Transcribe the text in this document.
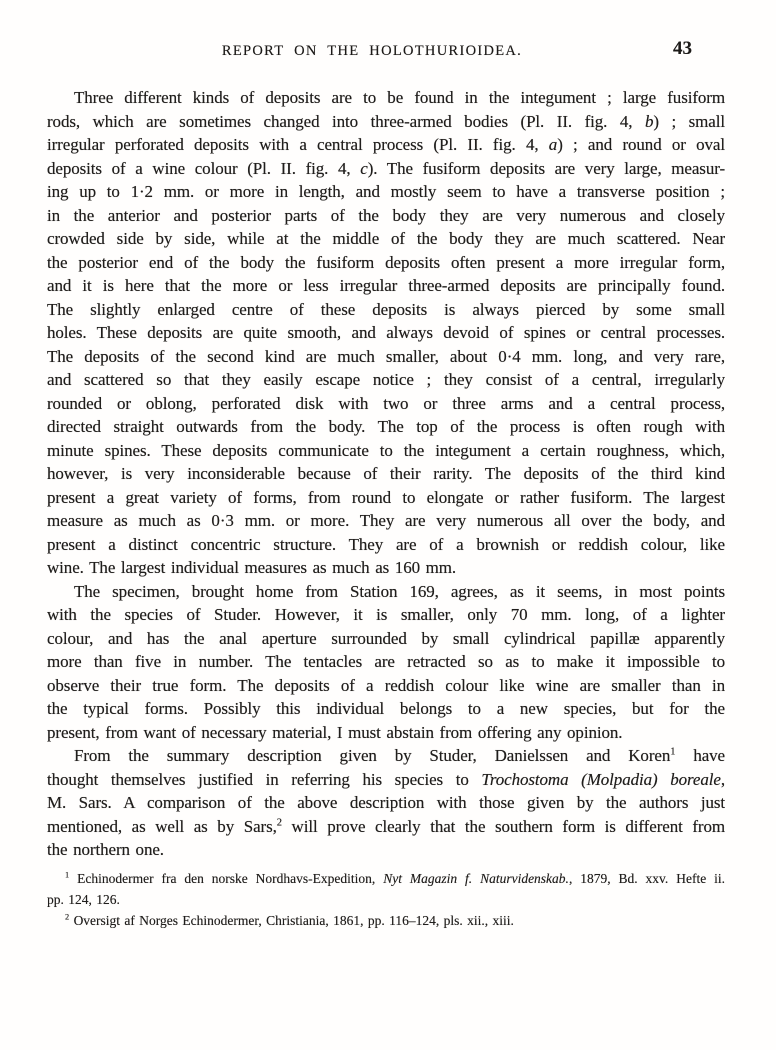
REPORT ON THE HOLOTHURIOIDEA.	43
Three different kinds of deposits are to be found in the integument ; large fusiform
rods, which are sometimes changed into three-armed bodies (Pl. II. fig. 4, b) ; small
irregular perforated deposits with a central process (Pl. II. fig. 4, a) ; and round or oval
deposits of a wine colour (Pl. II. fig. 4, c). The fusiform deposits are very large, measur-
ing up to 1·2 mm. or more in length, and mostly seem to have a transverse position ;
in the anterior and posterior parts of the body they are very numerous and closely
crowded side by side, while at the middle of the body they are much scattered. Near
the posterior end of the body the fusiform deposits often present a more irregular form,
and it is here that the more or less irregular three-armed deposits are principally found.
The slightly enlarged centre of these deposits is always pierced by some small
holes. These deposits are quite smooth, and always devoid of spines or central processes.
The deposits of the second kind are much smaller, about 0·4 mm. long, and very rare,
and scattered so that they easily escape notice ; they consist of a central, irregularly
rounded or oblong, perforated disk with two or three arms and a central process,
directed straight outwards from the body. The top of the process is often rough with
minute spines. These deposits communicate to the integument a certain roughness, which,
however, is very inconsiderable because of their rarity. The deposits of the third kind
present a great variety of forms, from round to elongate or rather fusiform. The largest
measure as much as 0·3 mm. or more. They are very numerous all over the body, and
present a distinct concentric structure. They are of a brownish or reddish colour, like
wine. The largest individual measures as much as 160 mm.
The specimen, brought home from Station 169, agrees, as it seems, in most points
with the species of Studer. However, it is smaller, only 70 mm. long, of a lighter
colour, and has the anal aperture surrounded by small cylindrical papillæ apparently
more than five in number. The tentacles are retracted so as to make it impossible to
observe their true form. The deposits of a reddish colour like wine are smaller than in
the typical forms. Possibly this individual belongs to a new species, but for the
present, from want of necessary material, I must abstain from offering any opinion.
From the summary description given by Studer, Danielssen and Koren$^1$ have
thought themselves justified in referring his species to Trochostoma (Molpadia) boreale,
M. Sars. A comparison of the above description with those given by the authors just
mentioned, as well as by Sars,$^2$ will prove clearly that the southern form is different from
the northern one.
$^1$ Echinodermer fra den norske Nordhavs-Expedition, Nyt Magazin f. Naturvidenskab., 1879, Bd. xxv. Hefte ii.
pp. 124, 126.
$^2$ Oversigt af Norges Echinodermer, Christiania, 1861, pp. 116–124, pls. xii., xiii.
